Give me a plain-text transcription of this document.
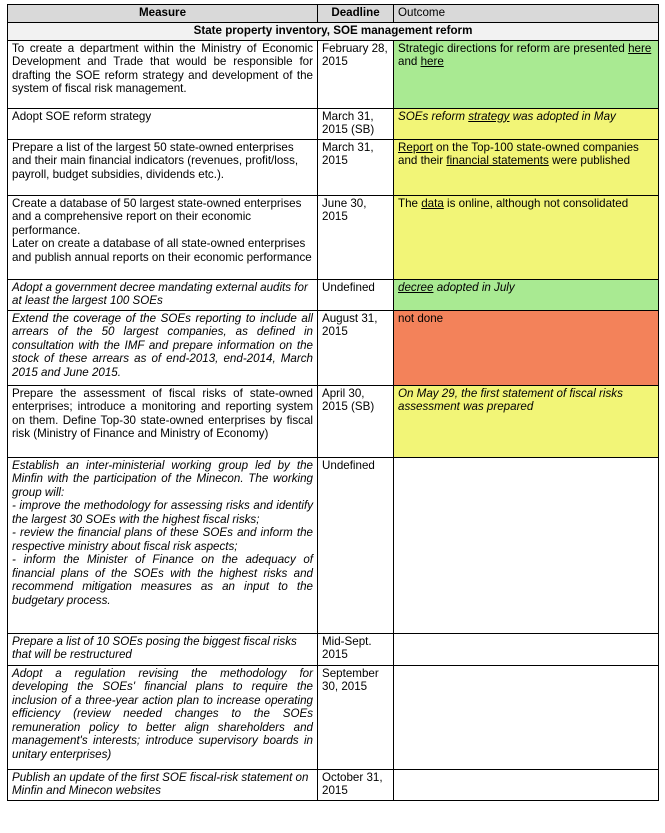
Measure	Deadline	Outcome
State property inventory, SOE management reform		
To create a department within the Ministry of Economic Development and Trade that would be responsible for drafting the SOE reform strategy and development of the system of fiscal risk management.	February 28, 2015	Strategic directions for reform are presented here and here
Adopt SOE reform strategy	March 31, 2015 (SB)	SOEs reform strategy was adopted in May
Prepare a list of the largest 50 state-owned enterprises and their main financial indicators (revenues, profit/loss, payroll, budget subsidies, dividends etc.).	March 31, 2015	Report on the Top-100 state-owned companies and their financial statements were published

Create a database of 50 largest state-owned enterprises and a comprehensive report on their economic performance.
Later on create a database of all state-owned enterprises and publish annual reports on their economic performance	June 30, 2015	The data is online, although not consolidated
Adopt a government decree mandating external audits for at least the largest 100 SOEs	Undefined	decree adopted in July
Extend the coverage of the SOEs reporting to include all arrears of the 50 largest companies, as defined in consultation with the IMF and prepare information on the stock of these arrears as of end-2013, end-2014, March 2015 and June 2015.	August 31, 2015	not done
Prepare the assessment of fiscal risks of state-owned enterprises; introduce a monitoring and reporting system on them. Define Top-30 state-owned enterprises by fiscal risk (Ministry of Finance and Ministry of Economy)	April 30, 2015 (SB)	On May 29, the first statement of fiscal risks assessment was prepared

Establish an inter-ministerial working group led by the Minfin with the participation of the Minecon. The working group will:
- improve the methodology for assessing risks and identify the largest 30 SOEs with the highest fiscal risks;
- review the financial plans of these SOEs and inform the respective ministry about fiscal risk aspects;
- inform the Minister of Finance on the adequacy of financial plans of the SOEs with the highest risks and recommend mitigation measures as an input to the budgetary process.	Undefined	
Prepare a list of 10 SOEs posing the biggest fiscal risks that will be restructured	Mid-Sept. 2015	
Adopt a regulation revising the methodology for developing the SOEs' financial plans to require the inclusion of a three-year action plan to increase operating efficiency (review needed changes to the SOEs remuneration policy to better align shareholders and management's interests; introduce supervisory boards in unitary enterprises)	September 30, 2015	
Publish an update of the first SOE fiscal-risk statement on Minfin and Minecon websites	October 31, 2015	
